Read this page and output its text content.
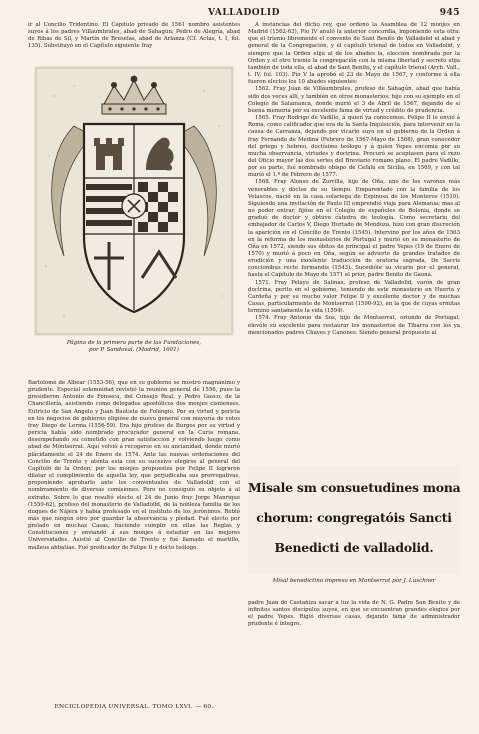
VALLADOLID	945

ir al Concilio Tridentino. El Capítulo privado de 1561 nombró asistentes suyos á los padres Villaumbrales, abad de Sahagún; Pedro de Alegría, abad de Ribas de Sil, y Martín de Bruselas, abad de Arlanza (Cf. Actas, t. I, fol. 135). Substituyó en el Capítulo siguiente fray

Página de la primera parte de las Fundaciones,
por P. Sandoval. (Madrid, 1601)

Bartolomé de Albear (1553-56), que en su gobierno se mostró magnánimo y prudente. Especial solemnidad revistió la reunión general de 1556, pues la presidieron Antonio de Fonseca, del Consejo Real, y Pedro Gasco, de la Chancillería, asistiendo como delegados apostólicos dos monjes cisnienses, Eutricio de San Angelo y Juan Bautista de Folengio. Por su virtud y pericia en los negocios de gobierno eligióse de nuevo general con mayoría de votos fray Diego de Lerma (1556-59). Era hijo profeso de Burgos por su virtud y pericia había sido nombrado procurador general en la Curia romana, desempeñando su cometido con gran satisfacción y volviendo luego como abad de Montserrat. Aquí volvió á recogerse en su ancianidad, donde murió plácidamente el 24 de Enero de 1574. Ante las nuevas ordenaciones del Concilio de Trento y atenta esta con su sucesivo elegirse al general del Capítulo de la Orden; por los monjes propuestos por Felipe II lograron dilatar el cumplimiento de aquella ley, que perjudicaba sus prerrogativas, proponiendo aprobarlo ante los conventuales de Valladolid con el nombramiento de diversas comisiones. Pero no consiguió su objeto á al extraño. Sobre lo que resultó electo el 24 de Junio fray Jorge Manrique (1559-62), profeso del monasterio de Valladolid, de la nobleza familia de los duques de Nájera y había profesado en el instituto de los jerónimos. Rebló más que ningún otro por guardar la observancia y piedad. Fué electo por prelado en muchas Casas, haciendo cumplir en ellas las Reglas y Constituciones y enviando á sus monjes á estudiar en las mejores Universidades. Asistió al Concilio de Trento y fué llamado el martillo, malleus abbatiae. Fué predicador de Felipe II y docto teólogo.

Á instancias del dicho rey, que ordenó la Asamblea de 12 monjes en Madrid (1562-63), Pío IV anuló la anterior concordia, imponiendo esta otra: que el trienio libremente el convento de Sant Benito de Valladolid el abad y general de la Congregación, y el capítulo trienal de todos en Valladolid, y siempre que la Orden elija al de los abades la, elección nombrada por la Orden y el otro trienio la congregación con la misma libertad y secreto elija también de toda ella, el abad de Sant Benito, y el capítulo trienal (Arch. Vall., t. IV, fol. 103). Pío V la aprobó el 23 de Mayo de 1567, y conforme á ella fueron electos los 10 abades siguientes:

1562. Fray Juan de Villaumbrales, profeso de Sahagún, abad que había sido dos veces allí, y también en otros monasterios; hijo con su ejemplo en el Colegio de Salamanca, donde murió el 3 de Abril de 1567, dejando de sí buena memoria por su excelente fama de virtud y crédito de prudencia.

1565. Fray Rodrigo de Vadillo, á quien ya conocemos. Felipe II le envió á Roma, como calificador que era de la Santa Inquisición, para intervenir en la causa de Carranza, dejando por vicario suyo en el gobierno de la Orden á fray Fernando de Medina (Febrero de 1567-Mayo de 1568), gran conocedor del griego y hebreo, doctísimo teólogo y á quien Yepes encomia por su mucha observancia, virtudes y doctrina. Procuró se aceptasen para el rezo del Oficio mayor las dos series del Breviario romano plano. El padre Vadillo, por su parte, fué nombrado obispo de Cefalú en Sicilia, en 1569, y con tal murió el 1.º de Febrero de 1577.

1568. Fray Alonso de Zorrilla, hijo de Oña, uno de los varones más venerables y doctos de su tiempo. Emparentado con la familia de los Velascos, nació en la casa solariega de Espinosa de los Monteros (1510). Siguiendo una invitación de Paulo III emprendió viaje para Alemania; mas al no poder entrar, fijóse en el Colegio de españoles de Bolonia, donde se graduó de doctor y obtuvo cátedra de teología. Como secretario del embajador de Carlos V, Diego Hurtado de Mendoza, hizo con gran discreción la aparición en el Concilio de Trento (1545). Intervino por los años de 1563 en la reforma de los monasterios de Portugal y murió en su monasterio de Oña en 1572, siendo sus óbitos de principal el padre Yepes (19 de Enero de 1570) y murió á poco en Oña, según se advierte de grandes tratados de erudición y una excelente traducción de oratoria sagrada, De Sacris concionibus recte formandis (1543). Sucedióle su vicario por el general, hasta el Capítulo de Mayo de 1571 el prior, padre Benito de Gaona.

1571. Fray Pelayo de Salinas, profeso de Valladolid, varón de gran doctrina, perito en el gobierno, teniendo de este monasterio en Huerta y Cardeña y por su mucho valor Felipe II y excelente doctor y de muchas Casas, particularmente de Montserrat (1590-92), en la que de cuyas ermitas terminó santamente la vida (1594).

1574. Fray Antonio de Sos, hijo de Montserrat, oriundo de Portugal, elevóle su excelente para restaurar los monasterios de Tibarra con los ya mencionados padres Chaves y Canones. Siendo general propuesto al

Misale sm consuetudines mona
chorum: congregatóis Sancti
Benedicti de valladolid.
Misal benedictino impreso en Montserrat por J. Luschner

padre Juan de Castañiza sacar á luz la vida de N. G. Padre San Benito y de infinitos santos discípulos suyos, en que se encuentran grandes elogios por el padre Yepes. Rigió diversas casas, dejando fama de administrador prudente é íntegro.

ENCICLOPEDIA UNIVERSAL. TOMO LXVI. — 60.
